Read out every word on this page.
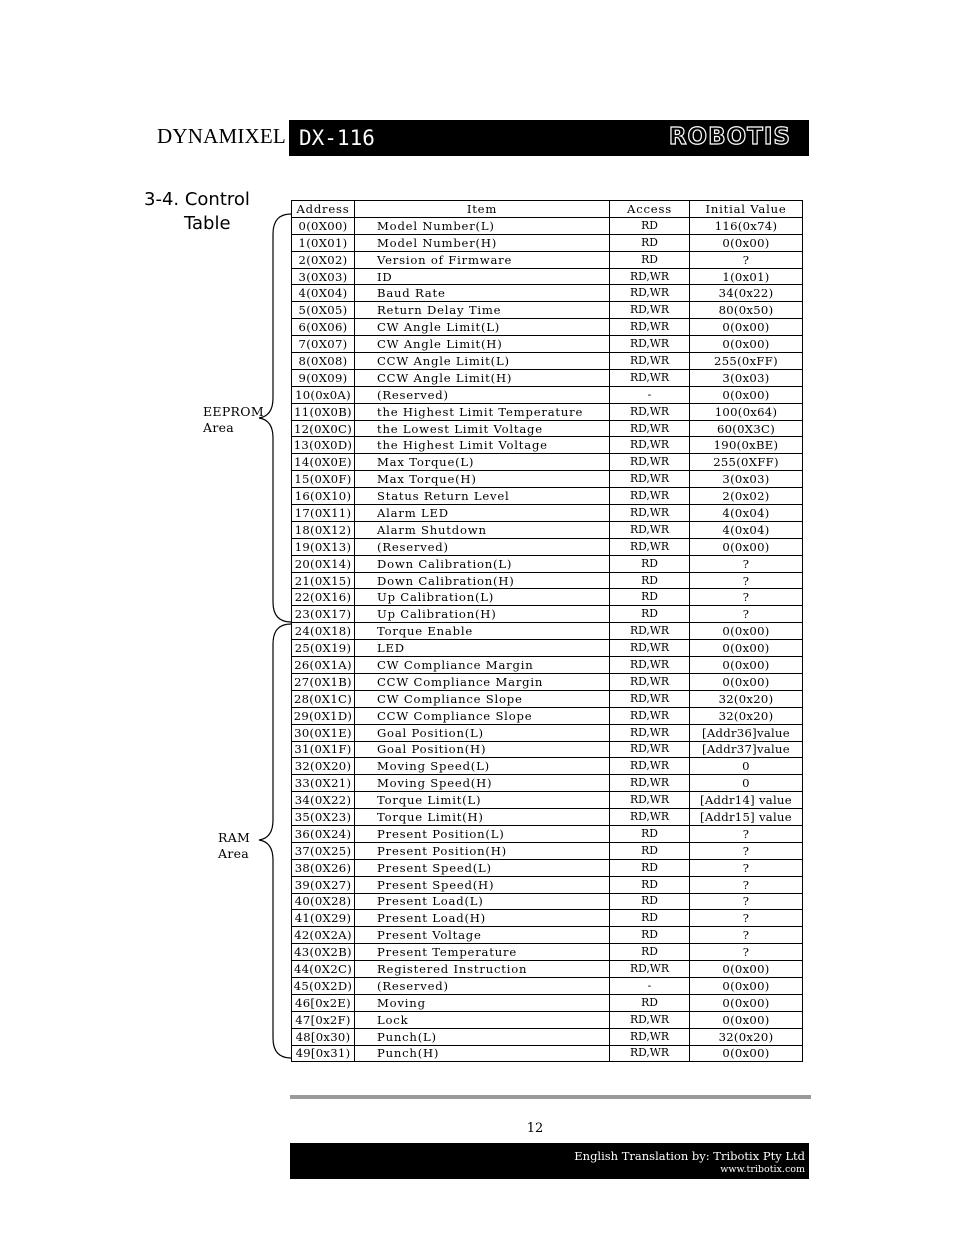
DYNAMIXEL DX-116	ROBOTIS
3-4. Control
Table
EEPROM
Area
RAM
Area
Address	Item	Access	Initial Value
0(0X00)	Model Number(L)	RD	116(0x74)
1(0X01)	Model Number(H)	RD	0(0x00)
2(0X02)	Version of Firmware	RD	?
3(0X03)	ID	RD,WR	1(0x01)
4(0X04)	Baud Rate	RD,WR	34(0x22)
5(0X05)	Return Delay Time	RD,WR	80(0x50)
6(0X06)	CW Angle Limit(L)	RD,WR	0(0x00)
7(0X07)	CW Angle Limit(H)	RD,WR	0(0x00)
8(0X08)	CCW Angle Limit(L)	RD,WR	255(0xFF)
9(0X09)	CCW Angle Limit(H)	RD,WR	3(0x03)
10(0x0A)	(Reserved)	-	0(0x00)
11(0X0B)	the Highest Limit Temperature	RD,WR	100(0x64)
12(0X0C)	the Lowest Limit Voltage	RD,WR	60(0X3C)
13(0X0D)	the Highest Limit Voltage	RD,WR	190(0xBE)
14(0X0E)	Max Torque(L)	RD,WR	255(0XFF)
15(0X0F)	Max Torque(H)	RD,WR	3(0x03)
16(0X10)	Status Return Level	RD,WR	2(0x02)
17(0X11)	Alarm LED	RD,WR	4(0x04)
18(0X12)	Alarm Shutdown	RD,WR	4(0x04)
19(0X13)	(Reserved)	RD,WR	0(0x00)
20(0X14)	Down Calibration(L)	RD	?
21(0X15)	Down Calibration(H)	RD	?
22(0X16)	Up Calibration(L)	RD	?
23(0X17)	Up Calibration(H)	RD	?
24(0X18)	Torque Enable	RD,WR	0(0x00)
25(0X19)	LED	RD,WR	0(0x00)
26(0X1A)	CW Compliance Margin	RD,WR	0(0x00)
27(0X1B)	CCW Compliance Margin	RD,WR	0(0x00)
28(0X1C)	CW Compliance Slope	RD,WR	32(0x20)
29(0X1D)	CCW Compliance Slope	RD,WR	32(0x20)
30(0X1E)	Goal Position(L)	RD,WR	[Addr36]value
31(0X1F)	Goal Position(H)	RD,WR	[Addr37]value
32(0X20)	Moving Speed(L)	RD,WR	0
33(0X21)	Moving Speed(H)	RD,WR	0
34(0X22)	Torque Limit(L)	RD,WR	[Addr14] value
35(0X23)	Torque Limit(H)	RD,WR	[Addr15] value
36(0X24)	Present Position(L)	RD	?
37(0X25)	Present Position(H)	RD	?
38(0X26)	Present Speed(L)	RD	?
39(0X27)	Present Speed(H)	RD	?
40(0X28)	Present Load(L)	RD	?
41(0X29)	Present Load(H)	RD	?
42(0X2A)	Present Voltage	RD	?
43(0X2B)	Present Temperature	RD	?
44(0X2C)	Registered Instruction	RD,WR	0(0x00)
45(0X2D)	(Reserved)	-	0(0x00)
46[0x2E)	Moving	RD	0(0x00)
47[0x2F)	Lock	RD,WR	0(0x00)
48[0x30)	Punch(L)	RD,WR	32(0x20)
49[0x31)	Punch(H)	RD,WR	0(0x00)
12
English Translation by: Tribotix Pty Ltd
www.tribotix.com
